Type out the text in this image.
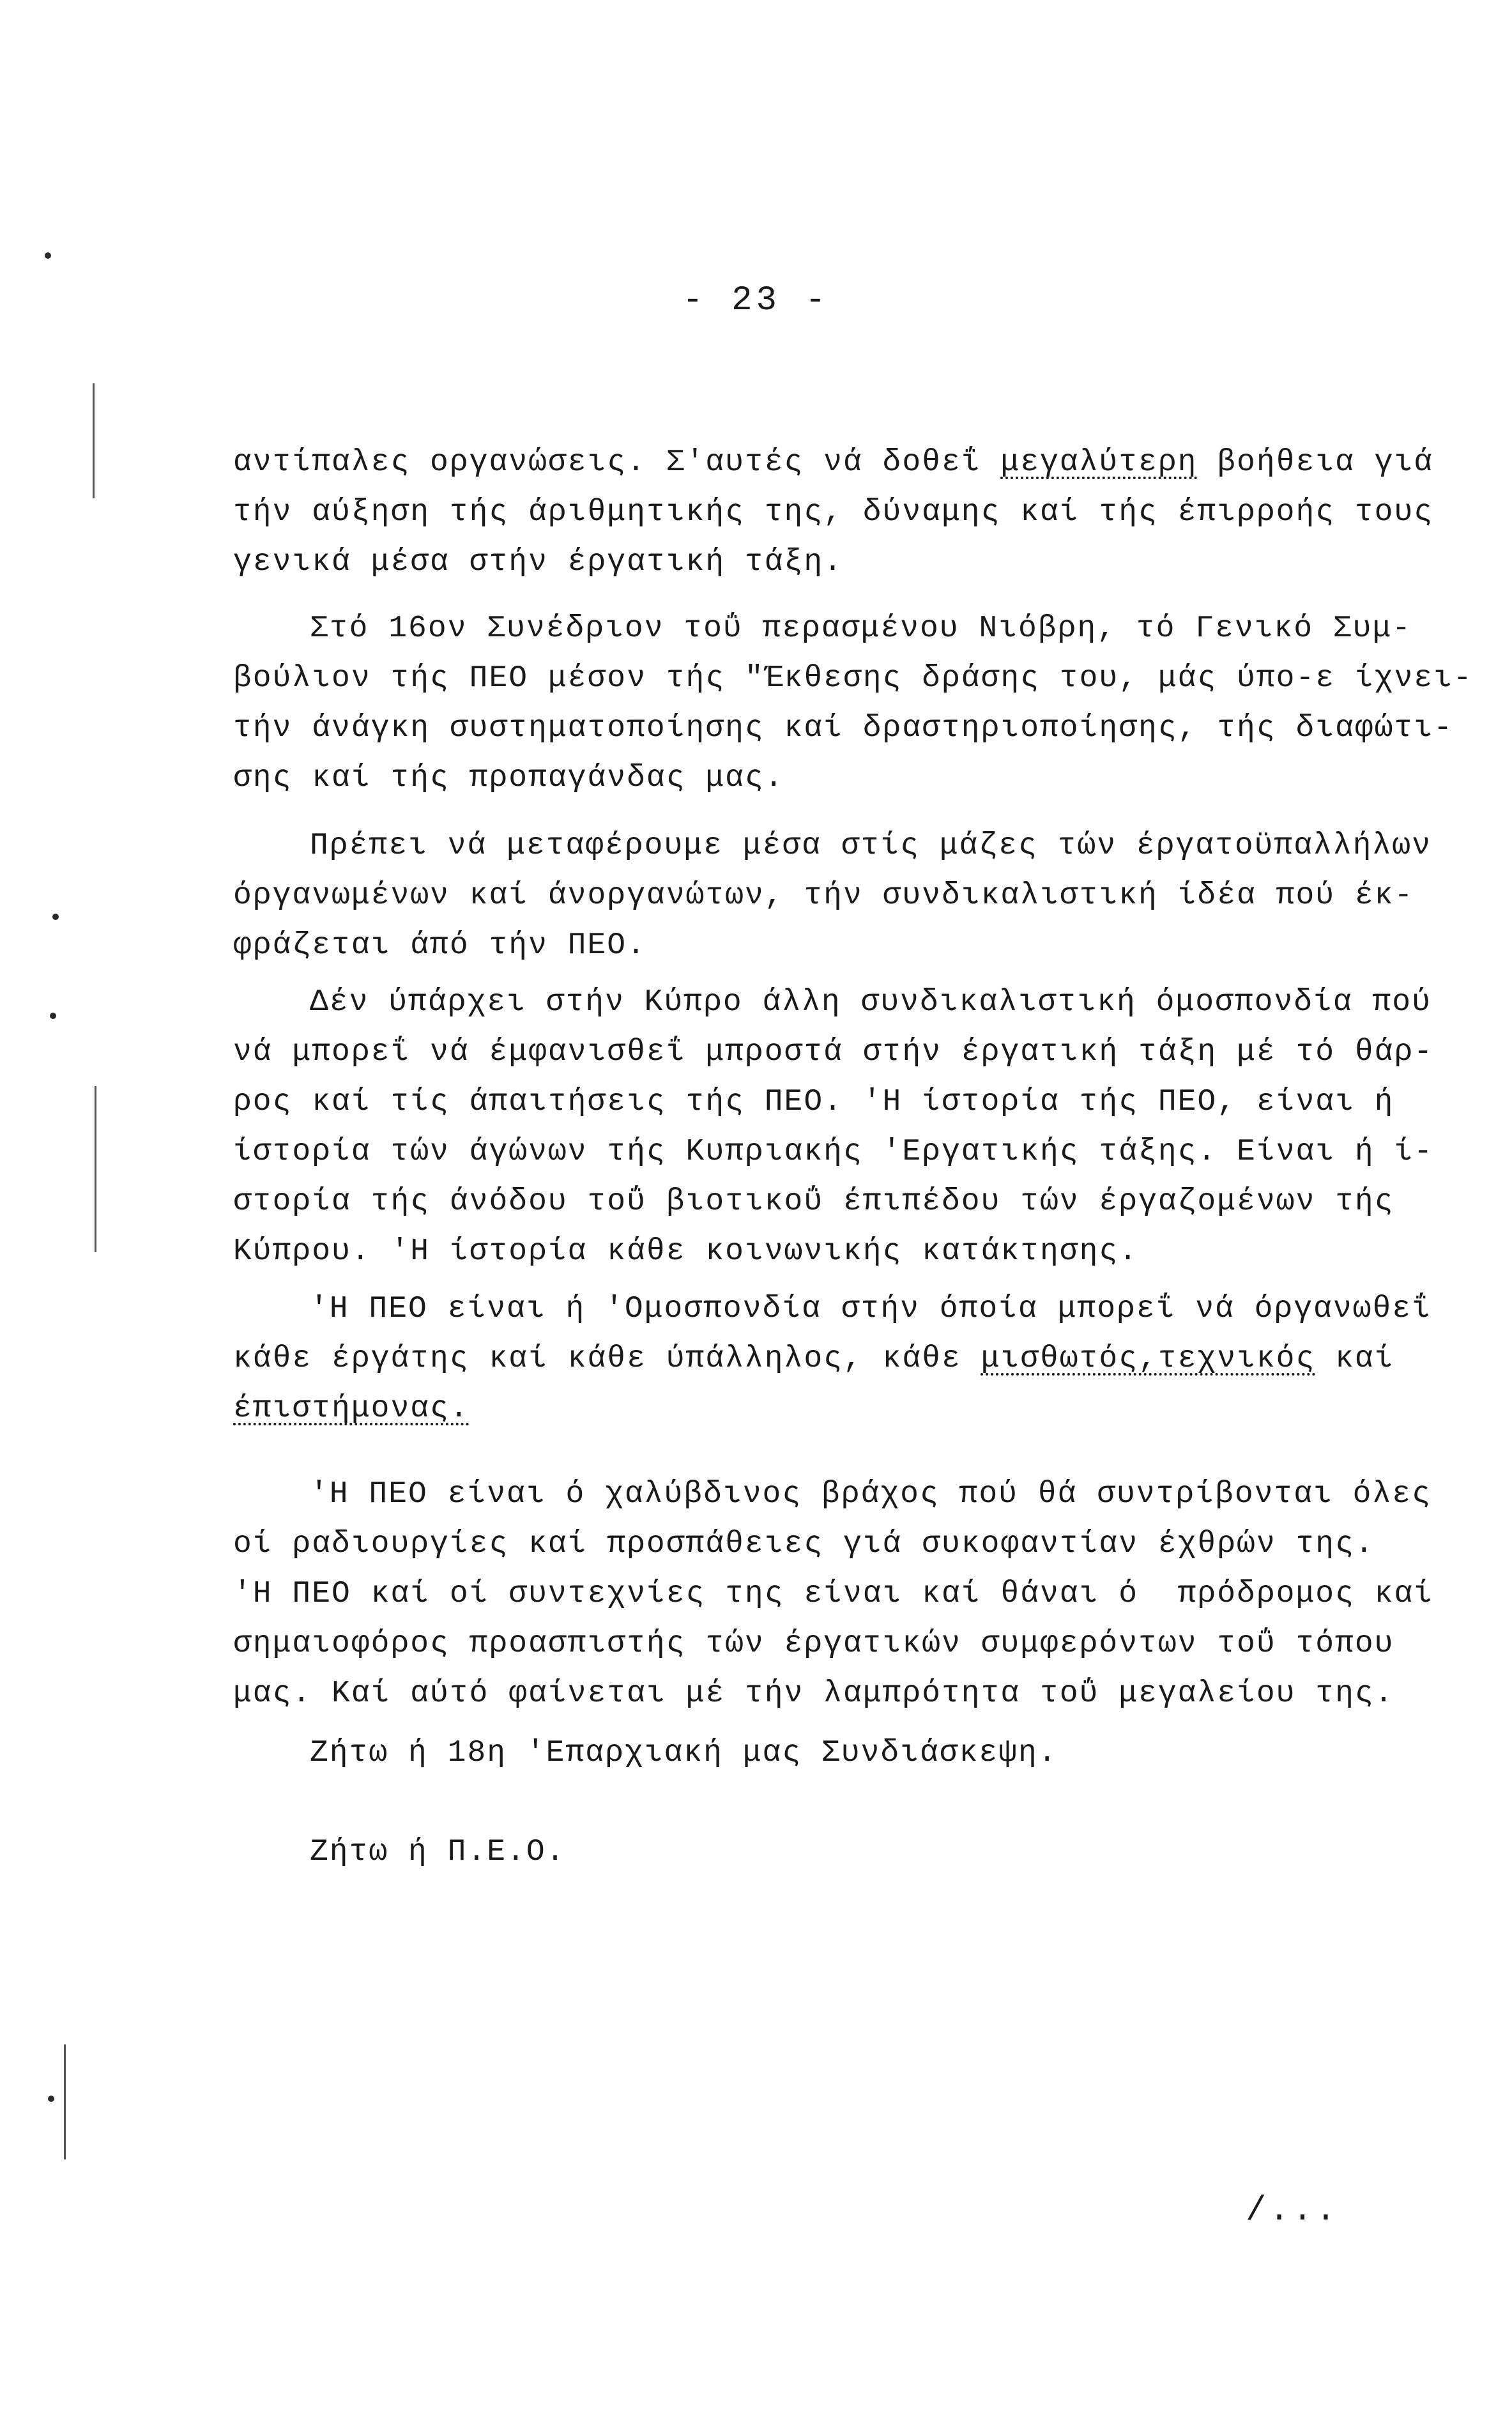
- 23 -
αντίπαλες οργανώσεις. Σ'αυτές νά δοθεΐ μεγαλύτερη βοήθεια γιά
τήν αύξηση τής άριθμητικής της, δύναμης καί τής έπιρροής τους
γενικά μέσα στήν έργατική τάξη.
Στό 16ον Συνέδριον τοΰ περασμένου Νιόβρη, τό Γενικό Συμ-
βούλιον τής ΠΕΟ μέσον τής "Έκθεσης δράσης του, μάς ύπο-ε ίχνει-
τήν άνάγκη συστηματοποίησης καί δραστηριοποίησης, τής διαφώτι-
σης καί τής προπαγάνδας μας.
Πρέπει νά μεταφέρουμε μέσα στίς μάζες τών έργατοϋπαλλήλων
όργανωμένων καί άνοργανώτων, τήν συνδικαλιστική ίδέα πού έκ-
φράζεται άπό τήν ΠΕΟ.
Δέν ύπάρχει στήν Κύπρο άλλη συνδικαλιστική όμοσπονδία πού
νά μπορεΐ νά έμφανισθεΐ μπροστά στήν έργατική τάξη μέ τό θάρ-
ρος καί τίς άπαιτήσεις τής ΠΕΟ. 'Η ίστορία τής ΠΕΟ, είναι ή
ίστορία τών άγώνων τής Κυπριακής 'Εργατικής τάξης. Είναι ή ί-
στορία τής άνόδου τοΰ βιοτικοΰ έπιπέδου τών έργαζομένων τής
Κύπρου. 'Η ίστορία κάθε κοινωνικής κατάκτησης.
'Η ΠΕΟ είναι ή 'Ομοσπονδία στήν όποία μπορεΐ νά όργανωθεΐ
κάθε έργάτης καί κάθε ύπάλληλος, κάθε μισθωτός,τεχνικός καί
έπιστήμονας.
'Η ΠΕΟ είναι ό χαλύβδινος βράχος πού θά συντρίβονται όλες
οί ραδιουργίες καί προσπάθειες γιά συκοφαντίαν έχθρών της.
'Η ΠΕΟ καί οί συντεχνίες της είναι καί θάναι ό  πρόδρομος καί
σημαιοφόρος προασπιστής τών έργατικών συμφερόντων τοΰ τόπου
μας. Καί αύτό φαίνεται μέ τήν λαμπρότητα τοΰ μεγαλείου της.
Ζήτω ή 18η 'Επαρχιακή μας Συνδιάσκεψη.
Ζήτω ή Π.Ε.Ο.
/...
